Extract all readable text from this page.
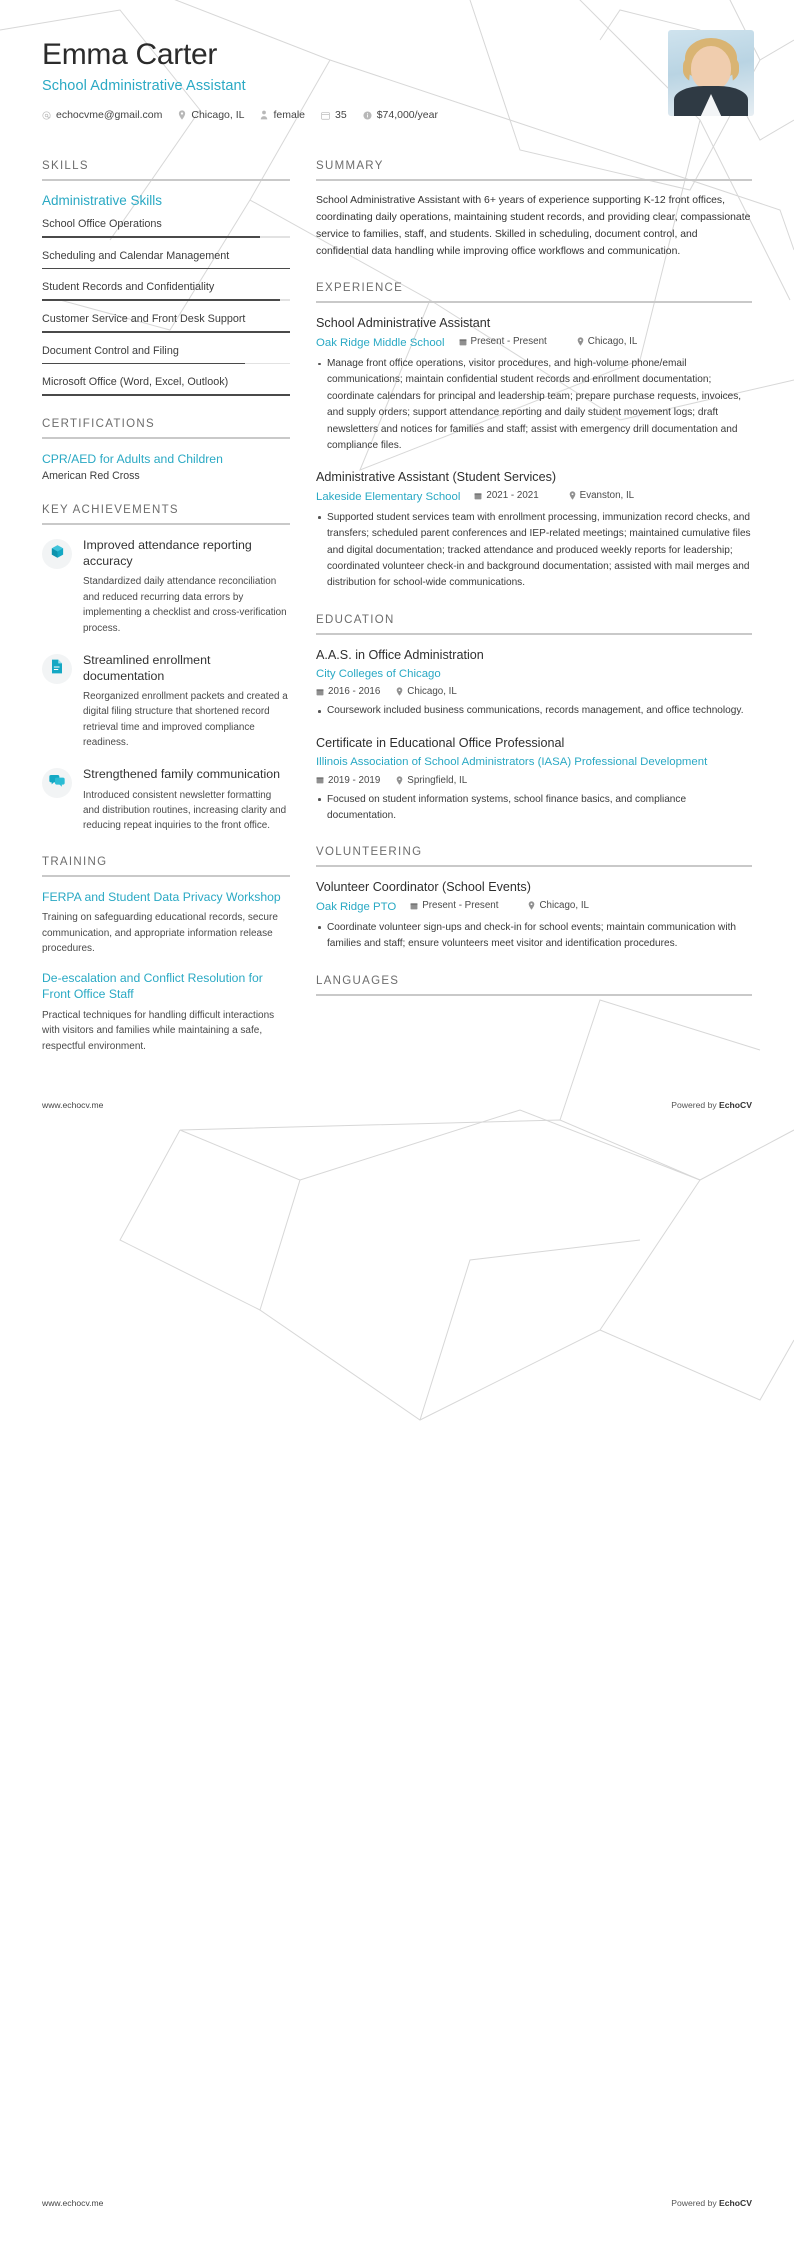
Emma Carter
School Administrative Assistant
echocvme@gmail.com	Chicago, IL	female	35	$74,000/year
SKILLS
Administrative Skills
School Office Operations
Scheduling and Calendar Management
Student Records and Confidentiality
Customer Service and Front Desk Support
Document Control and Filing
Microsoft Office (Word, Excel, Outlook)
CERTIFICATIONS
CPR/AED for Adults and Children
American Red Cross
KEY ACHIEVEMENTS
Improved attendance reporting accuracy
Standardized daily attendance reconciliation and reduced recurring data errors by implementing a checklist and cross-verification process.
Streamlined enrollment documentation
Reorganized enrollment packets and created a digital filing structure that shortened record retrieval time and improved compliance readiness.
Strengthened family communication
Introduced consistent newsletter formatting and distribution routines, increasing clarity and reducing repeat inquiries to the front office.
TRAINING
FERPA and Student Data Privacy Workshop
Training on safeguarding educational records, secure communication, and appropriate information release procedures.
De-escalation and Conflict Resolution for Front Office Staff
Practical techniques for handling difficult interactions with visitors and families while maintaining a safe, respectful environment.
SUMMARY
School Administrative Assistant with 6+ years of experience supporting K-12 front offices, coordinating daily operations, maintaining student records, and providing clear, compassionate service to families, staff, and students. Skilled in scheduling, document control, and confidential data handling while improving office workflows and communication.
EXPERIENCE
School Administrative Assistant
Oak Ridge Middle School	Present - Present	Chicago, IL
Manage front office operations, visitor procedures, and high-volume phone/email communications; maintain confidential student records and enrollment documentation; coordinate calendars for principal and leadership team; prepare purchase requests, invoices, and supply orders; support attendance reporting and daily student movement logs; draft newsletters and notices for families and staff; assist with emergency drill documentation and compliance files.
Administrative Assistant (Student Services)
Lakeside Elementary School	2021 - 2021	Evanston, IL
Supported student services team with enrollment processing, immunization record checks, and transfers; scheduled parent conferences and IEP-related meetings; maintained cumulative files and digital documentation; tracked attendance and produced weekly reports for leadership; coordinated volunteer check-in and background documentation; assisted with mail merges and distribution for school-wide communications.
EDUCATION
A.A.S. in Office Administration
City Colleges of Chicago
2016 - 2016	Chicago, IL
Coursework included business communications, records management, and office technology.
Certificate in Educational Office Professional
Illinois Association of School Administrators (IASA) Professional Development
2019 - 2019	Springfield, IL
Focused on student information systems, school finance basics, and compliance documentation.
VOLUNTEERING
Volunteer Coordinator (School Events)
Oak Ridge PTO	Present - Present	Chicago, IL
Coordinate volunteer sign-ups and check-in for school events; maintain communication with families and staff; ensure volunteers meet visitor and identification procedures.
LANGUAGES
www.echocv.me	Powered by EchoCV
www.echocv.me	Powered by EchoCV
